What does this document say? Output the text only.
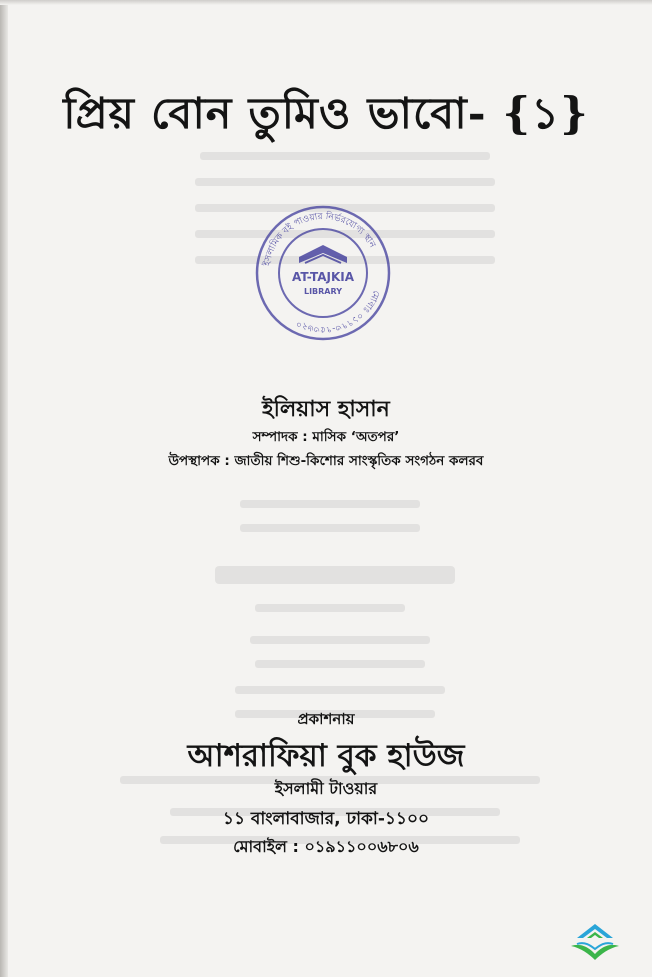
প্রিয় বোন তুমিও ভাবো- {১}
ইসলামিক বই পাওয়ার নির্ভরযোগ্য স্থান
মোবাঃ ০১৭৭৩-৭৫৩৬২০
AT-TAJKIA
LIBRARY
ইলিয়াস হাসান
সম্পাদক : মাসিক ‘অতপর’
উপস্থাপক : জাতীয় শিশু-কিশোর সাংস্কৃতিক সংগঠন কলরব
প্রকাশনায়
আশরাফিয়া বুক হাউজ
ইসলামী টাওয়ার
১১ বাংলাবাজার, ঢাকা-১১০০
মোবাইল : ০১৯১১০০৬৮০৬
